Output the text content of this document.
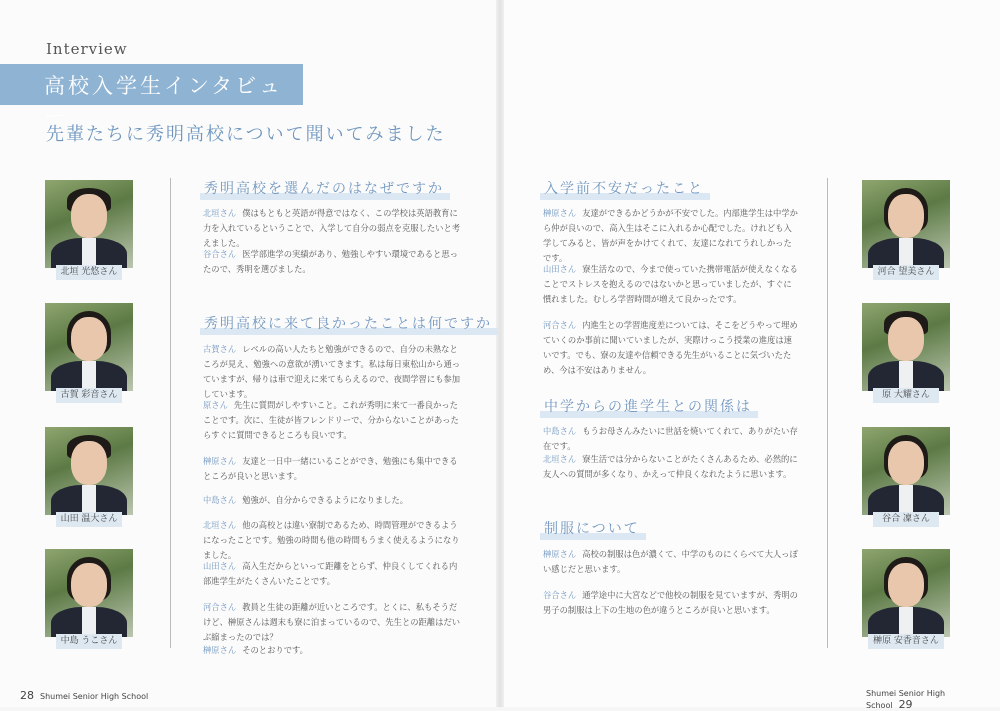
Interview
高校入学生インタビュー
先輩たちに秀明高校について聞いてみました
北垣 光悠さん
古賀 彩音さん
山田 温大さん
中島 うこさん
河合 望美さん
原 大耀さん
谷合 凜さん
榊原 安香音さん
秀明高校を選んだのはなぜですか
北垣さん 僕はもともと英語が得意ではなく、この学校は英語教育に力を入れているということで、入学して自分の弱点を克服したいと考えました。
谷合さん 医学部進学の実績があり、勉強しやすい環境であると思ったので、秀明を選びました。
秀明高校に来て良かったことは何ですか
古賀さん レベルの高い人たちと勉強ができるので、自分の未熟なところが見え、勉強への意欲が湧いてきます。私は毎日東松山から通っていますが、帰りは車で迎えに来てもらえるので、夜間学習にも参加しています。
原さん 先生に質問がしやすいこと。これが秀明に来て一番良かったことです。次に、生徒が皆フレンドリーで、分からないことがあったらすぐに質問できるところも良いです。
榊原さん 友達と一日中一緒にいることができ、勉強にも集中できるところが良いと思います。
中島さん 勉強が、自分からできるようになりました。
北垣さん 他の高校とは違い寮制であるため、時間管理ができるようになったことです。勉強の時間も他の時間もうまく使えるようになりました。
山田さん 高入生だからといって距離をとらず、仲良くしてくれる内部進学生がたくさんいたことです。
河合さん 教員と生徒の距離が近いところです。とくに、私もそうだけど、榊原さんは週末も寮に泊まっているので、先生との距離はだいぶ縮まったのでは？
榊原さん そのとおりです。
入学前不安だったこと
榊原さん 友達ができるかどうかが不安でした。内部進学生は中学から仲が良いので、高入生はそこに入れるか心配でした。けれども入学してみると、皆が声をかけてくれて、友達になれてうれしかったです。
山田さん 寮生活なので、今まで使っていた携帯電話が使えなくなることでストレスを抱えるのではないかと思っていましたが、すぐに慣れました。むしろ学習時間が増えて良かったです。
河合さん 内進生との学習進度差については、そこをどうやって埋めていくのか事前に聞いていましたが、実際けっこう授業の進度は速いです。でも、寮の友達や信頼できる先生がいることに気づいたため、今は不安はありません。
中学からの進学生との関係は
中島さん もうお母さんみたいに世話を焼いてくれて、ありがたい存在です。
北垣さん 寮生活では分からないことがたくさんあるため、必然的に友人への質問が多くなり、かえって仲良くなれたように思います。
制服について
榊原さん 高校の制服は色が濃くて、中学のものにくらべて大人っぽい感じだと思います。
谷合さん 通学途中に大宮などで他校の制服を見ていますが、秀明の男子の制服は上下の生地の色が違うところが良いと思います。
28 Shumei Senior High School	Shumei Senior High School 29
